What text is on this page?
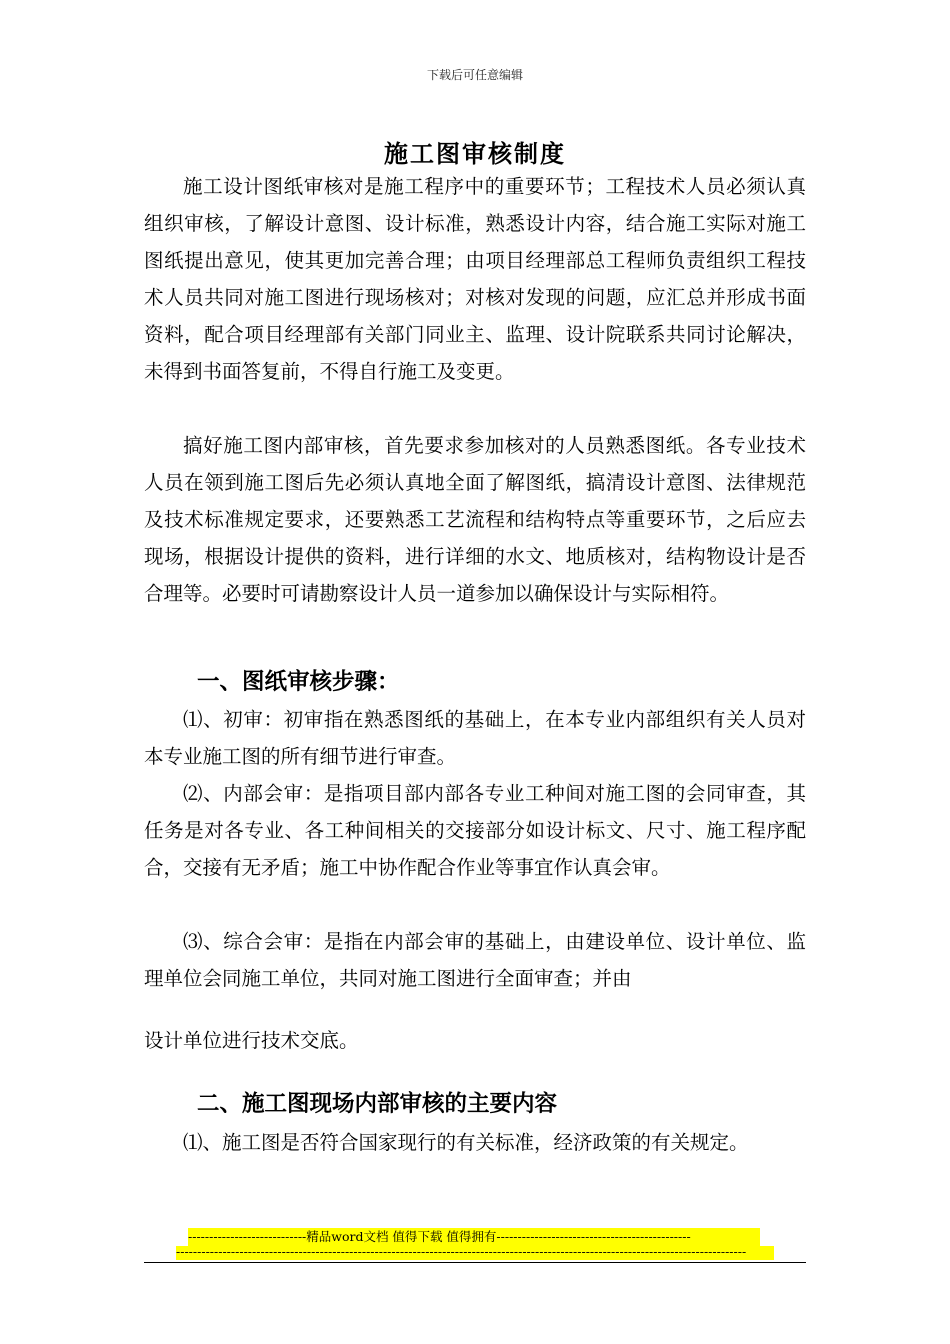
下载后可任意编辑
施工图审核制度

施工设计图纸审核对是施工程序中的重要环节；工程技术人员必须认真组织审核，了解设计意图、设计标准，熟悉设计内容，结合施工实际对施工图纸提出意见，使其更加完善合理；由项目经理部总工程师负责组织工程技术人员共同对施工图进行现场核对；对核对发现的问题，应汇总并形成书面资料，配合项目经理部有关部门同业主、监理、设计院联系共同讨论解决，未得到书面答复前，不得自行施工及变更。

搞好施工图内部审核，首先要求参加核对的人员熟悉图纸。各专业技术人员在领到施工图后先必须认真地全面了解图纸，搞清设计意图、法律规范及技术标准规定要求，还要熟悉工艺流程和结构特点等重要环节，之后应去现场，根据设计提供的资料，进行详细的水文、地质核对，结构物设计是否合理等。必要时可请勘察设计人员一道参加以确保设计与实际相符。

一、图纸审核步骤：

⑴、初审：初审指在熟悉图纸的基础上，在本专业内部组织有关人员对本专业施工图的所有细节进行审查。

⑵、内部会审：是指项目部内部各专业工种间对施工图的会同审查，其任务是对各专业、各工种间相关的交接部分如设计标文、尺寸、施工程序配合，交接有无矛盾；施工中协作配合作业等事宜作认真会审。

⑶、综合会审：是指在内部会审的基础上，由建设单位、设计单位、监理单位会同施工单位，共同对施工图进行全面审查；并由

设计单位进行技术交底。

二、施工图现场内部审核的主要内容

⑴、施工图是否符合国家现行的有关标准，经济政策的有关规定。

----------------------------精品word文档 值得下载 值得拥有----------------------------------------------
---------------------------------------------------------------------------------------------------------------------------------------
